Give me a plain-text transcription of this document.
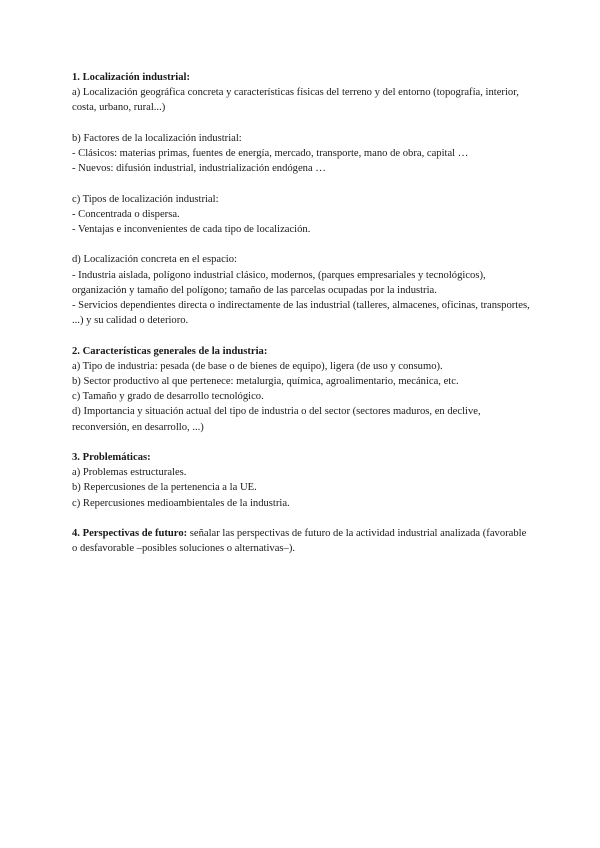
1. Localización industrial:
a) Localización geográfica concreta y características físicas del terreno y del entorno (topografía, interior, costa, urbano, rural...)
b) Factores de la localización industrial:
- Clásicos: materias primas, fuentes de energía, mercado, transporte, mano de obra, capital …
- Nuevos: difusión industrial, industrialización endógena …
c) Tipos de localización industrial:
- Concentrada o dispersa.
- Ventajas e inconvenientes de cada tipo de localización.
d) Localización concreta en el espacio:
- Industria aislada, polígono industrial clásico, modernos, (parques empresariales y tecnológicos), organización y tamaño del polígono; tamaño de las parcelas ocupadas por la industria.
- Servicios dependientes directa o indirectamente de las industrial (talleres, almacenes, oficinas, transportes, ...) y su calidad o deterioro.
2. Características generales de la industria:
a) Tipo de industria: pesada (de base o de bienes de equipo), ligera (de uso y consumo).
b) Sector productivo al que pertenece: metalurgia, química, agroalimentario, mecánica, etc.
c) Tamaño y grado de desarrollo tecnológico.
d) Importancia y situación actual del tipo de industria o del sector (sectores maduros, en declive, reconversión, en desarrollo, ...)
3. Problemáticas:
a) Problemas estructurales.
b) Repercusiones de la pertenencia a la UE.
c) Repercusiones medioambientales de la industria.
4. Perspectivas de futuro: señalar las perspectivas de futuro de la actividad industrial analizada (favorable o desfavorable –posibles soluciones o alternativas–).
